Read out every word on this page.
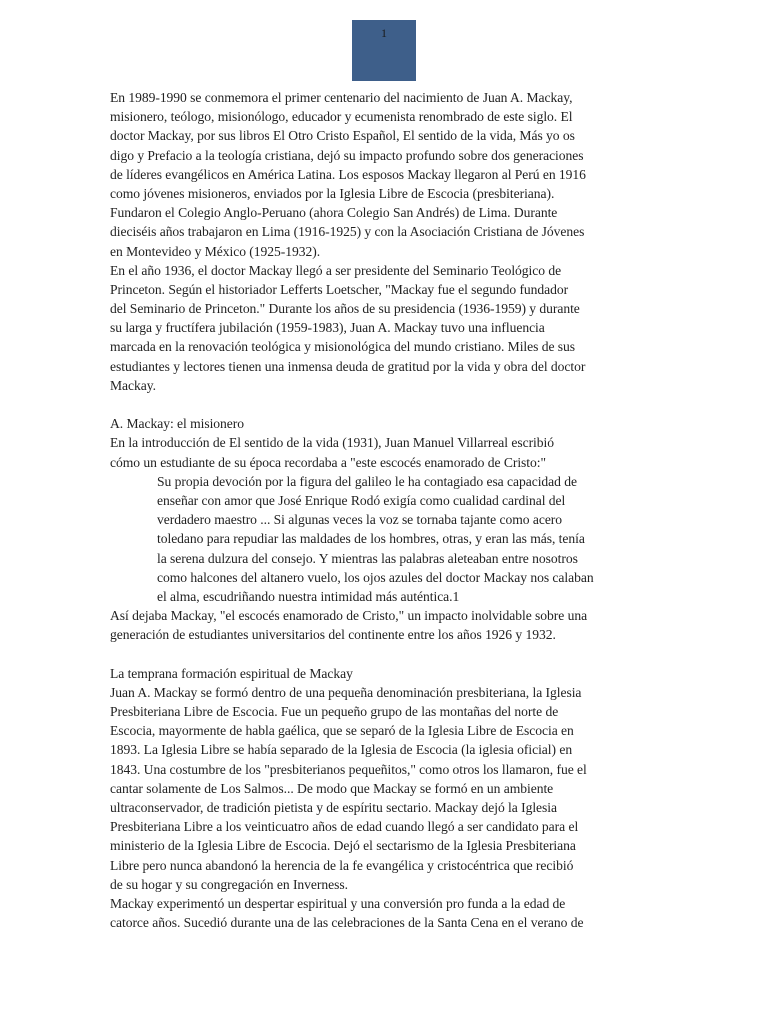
1
En 1989-1990 se conmemora el primer centenario del nacimiento de Juan A. Mackay,
misionero, teólogo, misionólogo, educador y ecumenista renombrado de este siglo. El
doctor Mackay, por sus libros El Otro Cristo Español, El sentido de la vida, Más yo os
digo y Prefacio a la teología cristiana, dejó su impacto profundo sobre dos generaciones
de líderes evangélicos en América Latina. Los esposos Mackay llegaron al Perú en 1916
como jóvenes misioneros, enviados por la Iglesia Libre de Escocia (presbiteriana).
Fundaron el Colegio Anglo-Peruano (ahora Colegio San Andrés) de Lima. Durante
dieciséis años trabajaron en Lima (1916-1925) y con la Asociación Cristiana de Jóvenes
en Montevideo y México (1925-1932).
En el año 1936, el doctor Mackay llegó a ser presidente del Seminario Teológico de
Princeton. Según el historiador Lefferts Loetscher, "Mackay fue el segundo fundador
del Seminario de Princeton." Durante los años de su presidencia (1936-1959) y durante
su larga y fructífera jubilación (1959-1983), Juan A. Mackay tuvo una influencia
marcada en la renovación teológica y misionológica del mundo cristiano. Miles de sus
estudiantes y lectores tienen una inmensa deuda de gratitud por la vida y obra del doctor
Mackay.
A. Mackay: el misionero
En la introducción de El sentido de la vida (1931), Juan Manuel Villarreal escribió
cómo un estudiante de su época recordaba a "este escocés enamorado de Cristo:"
Su propia devoción por la figura del galileo le ha contagiado esa capacidad de
enseñar con amor que José Enrique Rodó exigía como cualidad cardinal del
verdadero maestro ... Si algunas veces la voz se tornaba tajante como acero
toledano para repudiar las maldades de los hombres, otras, y eran las más, tenía
la serena dulzura del consejo. Y mientras las palabras aleteaban entre nosotros
como halcones del altanero vuelo, los ojos azules del doctor Mackay nos calaban
el alma, escudriñando nuestra intimidad más auténtica.1
Así dejaba Mackay, "el escocés enamorado de Cristo," un impacto inolvidable sobre una
generación de estudiantes universitarios del continente entre los años 1926 y 1932.
La temprana formación espiritual de Mackay
Juan A. Mackay se formó dentro de una pequeña denominación presbiteriana, la Iglesia
Presbiteriana Libre de Escocia. Fue un pequeño grupo de las montañas del norte de
Escocia, mayormente de habla gaélica, que se separó de la Iglesia Libre de Escocia en
1893. La Iglesia Libre se había separado de la Iglesia de Escocia (la iglesia oficial) en
1843. Una costumbre de los "presbiterianos pequeñitos," como otros los llamaron, fue el
cantar solamente de Los Salmos... De modo que Mackay se formó en un ambiente
ultraconservador, de tradición pietista y de espíritu sectario. Mackay dejó la Iglesia
Presbiteriana Libre a los veinticuatro años de edad cuando llegó a ser candidato para el
ministerio de la Iglesia Libre de Escocia. Dejó el sectarismo de la Iglesia Presbiteriana
Libre pero nunca abandonó la herencia de la fe evangélica y cristocéntrica que recibió
de su hogar y su congregación en Inverness.
Mackay experimentó un despertar espiritual y una conversión pro funda a la edad de
catorce años. Sucedió durante una de las celebraciones de la Santa Cena en el verano de
